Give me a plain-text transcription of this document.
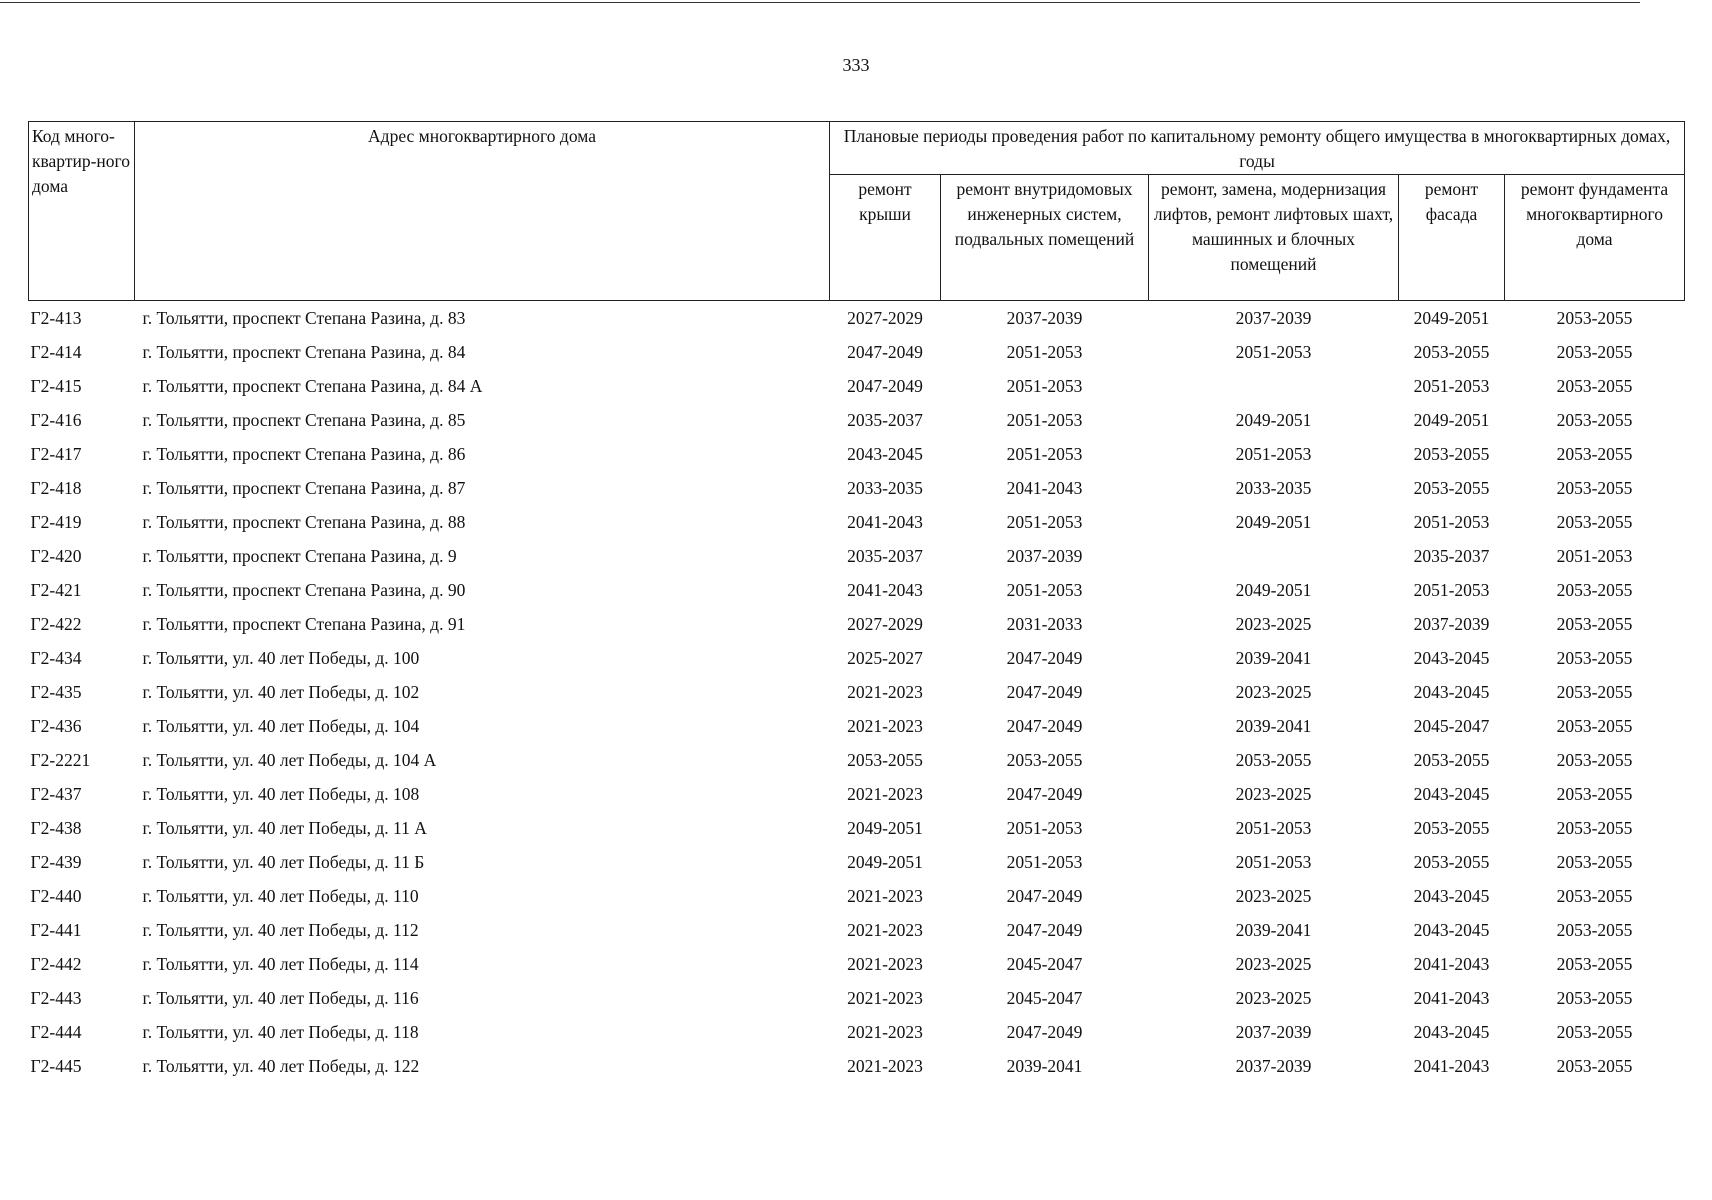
333
Код много-квартир-ного дома	Адрес многоквартирного дома	Плановые периоды проведения работ по капитальному ремонту общего имущества в многоквартирных домах, годы				
		ремонт крыши	ремонт внутридомовых инженерных систем, подвальных помещений	ремонт, замена, модернизация лифтов, ремонт лифтовых шахт, машинных и блочных помещений	ремонт фасада	ремонт фундамента многоквартирного дома
Г2-413	г. Тольятти, проспект Степана Разина, д. 83	2027-2029	2037-2039	2037-2039	2049-2051	2053-2055
Г2-414	г. Тольятти, проспект Степана Разина, д. 84	2047-2049	2051-2053	2051-2053	2053-2055	2053-2055
Г2-415	г. Тольятти, проспект Степана Разина, д. 84 А	2047-2049	2051-2053		2051-2053	2053-2055
Г2-416	г. Тольятти, проспект Степана Разина, д. 85	2035-2037	2051-2053	2049-2051	2049-2051	2053-2055
Г2-417	г. Тольятти, проспект Степана Разина, д. 86	2043-2045	2051-2053	2051-2053	2053-2055	2053-2055
Г2-418	г. Тольятти, проспект Степана Разина, д. 87	2033-2035	2041-2043	2033-2035	2053-2055	2053-2055
Г2-419	г. Тольятти, проспект Степана Разина, д. 88	2041-2043	2051-2053	2049-2051	2051-2053	2053-2055
Г2-420	г. Тольятти, проспект Степана Разина, д. 9	2035-2037	2037-2039		2035-2037	2051-2053
Г2-421	г. Тольятти, проспект Степана Разина, д. 90	2041-2043	2051-2053	2049-2051	2051-2053	2053-2055
Г2-422	г. Тольятти, проспект Степана Разина, д. 91	2027-2029	2031-2033	2023-2025	2037-2039	2053-2055
Г2-434	г. Тольятти, ул. 40 лет Победы, д. 100	2025-2027	2047-2049	2039-2041	2043-2045	2053-2055
Г2-435	г. Тольятти, ул. 40 лет Победы, д. 102	2021-2023	2047-2049	2023-2025	2043-2045	2053-2055
Г2-436	г. Тольятти, ул. 40 лет Победы, д. 104	2021-2023	2047-2049	2039-2041	2045-2047	2053-2055
Г2-2221	г. Тольятти, ул. 40 лет Победы, д. 104 А	2053-2055	2053-2055	2053-2055	2053-2055	2053-2055
Г2-437	г. Тольятти, ул. 40 лет Победы, д. 108	2021-2023	2047-2049	2023-2025	2043-2045	2053-2055
Г2-438	г. Тольятти, ул. 40 лет Победы, д. 11 А	2049-2051	2051-2053	2051-2053	2053-2055	2053-2055
Г2-439	г. Тольятти, ул. 40 лет Победы, д. 11 Б	2049-2051	2051-2053	2051-2053	2053-2055	2053-2055
Г2-440	г. Тольятти, ул. 40 лет Победы, д. 110	2021-2023	2047-2049	2023-2025	2043-2045	2053-2055
Г2-441	г. Тольятти, ул. 40 лет Победы, д. 112	2021-2023	2047-2049	2039-2041	2043-2045	2053-2055
Г2-442	г. Тольятти, ул. 40 лет Победы, д. 114	2021-2023	2045-2047	2023-2025	2041-2043	2053-2055
Г2-443	г. Тольятти, ул. 40 лет Победы, д. 116	2021-2023	2045-2047	2023-2025	2041-2043	2053-2055
Г2-444	г. Тольятти, ул. 40 лет Победы, д. 118	2021-2023	2047-2049	2037-2039	2043-2045	2053-2055
Г2-445	г. Тольятти, ул. 40 лет Победы, д. 122	2021-2023	2039-2041	2037-2039	2041-2043	2053-2055
